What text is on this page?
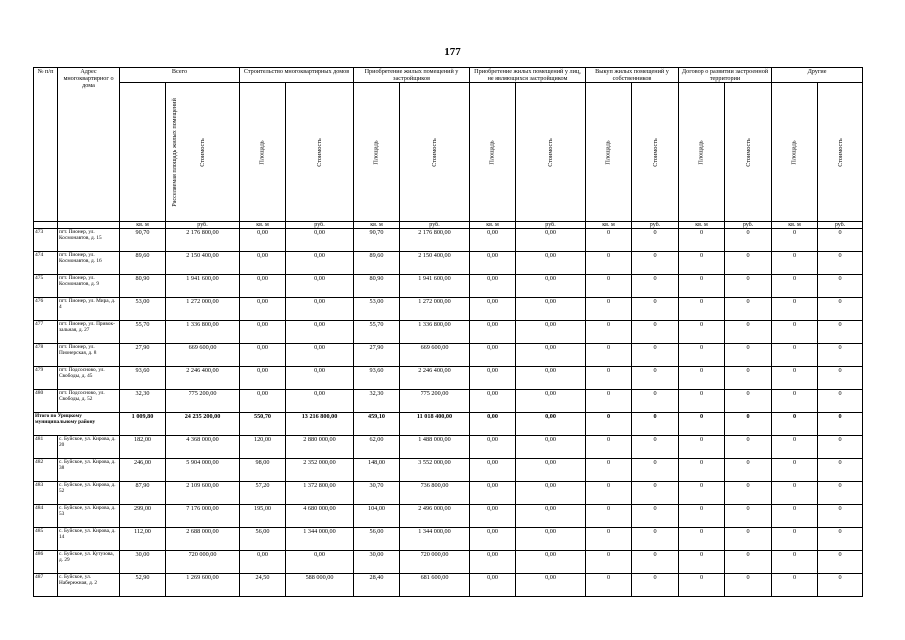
177
№ п/п	Адрес многоквартирног о дома	Всего		Строительство многоквартирных домов		Приобретение жилых помещений у застройщиков		Приобретение жилых помещений у лиц, не являющихся застройщиком		Выкуп жилых помещений у собственников		Договор о развитии застроенной территории		Другие	
		Расселяемая площадь жилых помещений	Стоимость	Площадь	Стоимость	Площадь	Стоимость	Площадь	Стоимость	Площадь	Стоимость	Площадь	Стоимость	Площадь	Стоимость
		кв. м	руб.	кв. м	руб.	кв. м	руб.	кв. м	руб.	кв. м	руб.	кв. м	руб.	кв. м	руб.
473	пгт. Пионер, ул. Космонавтов, д. 15	90,70	2 176 800,00	0,00	0,00	90,70	2 176 800,00	0,00	0,00	0	0	0	0	0	0
474	пгт. Пионер, ул. Космонавтов, д. 16	89,60	2 150 400,00	0,00	0,00	89,60	2 150 400,00	0,00	0,00	0	0	0	0	0	0
475	пгт. Пионер, ул. Космонавтов, д. 9	80,90	1 941 600,00	0,00	0,00	80,90	1 941 600,00	0,00	0,00	0	0	0	0	0	0
476	пгт. Пионер, ул. Мира, д. 4	53,00	1 272 000,00	0,00	0,00	53,00	1 272 000,00	0,00	0,00	0	0	0	0	0	0
477	пгт. Пионер, ул. Привок-зальная, д. 27	55,70	1 336 800,00	0,00	0,00	55,70	1 336 800,00	0,00	0,00	0	0	0	0	0	0
478	пгт. Пионер, ул. Пионерская, д. 8	27,90	669 600,00	0,00	0,00	27,90	669 600,00	0,00	0,00	0	0	0	0	0	0
479	пгт. Подсосново, ул. Свободы, д. 45	93,60	2 246 400,00	0,00	0,00	93,60	2 246 400,00	0,00	0,00	0	0	0	0	0	0
480	пгт. Подсосново, ул. Свободы, д. 52	32,30	775 200,00	0,00	0,00	32,30	775 200,00	0,00	0,00	0	0	0	0	0	0
Итого по Урицкому муниципальному району		1 009,80	24 235 200,00	550,70	13 216 800,00	459,10	11 018 400,00	0,00	0,00	0	0	0	0	0	0
481	с. Буйское, ул. Кирова, д. 20	182,00	4 368 000,00	120,00	2 880 000,00	62,00	1 488 000,00	0,00	0,00	0	0	0	0	0	0
482	с. Буйское, ул. Кирова, д. 38	246,00	5 904 000,00	98,00	2 352 000,00	148,00	3 552 000,00	0,00	0,00	0	0	0	0	0	0
483	с. Буйское, ул. Кирова, д. 52	87,90	2 109 600,00	57,20	1 372 800,00	30,70	736 800,00	0,00	0,00	0	0	0	0	0	0
484	с. Буйское, ул. Кирова, д. 53	299,00	7 176 000,00	195,00	4 680 000,00	104,00	2 496 000,00	0,00	0,00	0	0	0	0	0	0
485	с. Буйское, ул. Кирова, д. 14	112,00	2 688 000,00	56,00	1 344 000,00	56,00	1 344 000,00	0,00	0,00	0	0	0	0	0	0
486	с. Буйское, ул. Кутузова, д. 29	30,00	720 000,00	0,00	0,00	30,00	720 000,00	0,00	0,00	0	0	0	0	0	0
487	с. Буйское, ул. Набережная, д. 2	52,90	1 269 600,00	24,50	588 000,00	28,40	681 600,00	0,00	0,00	0	0	0	0	0	0
